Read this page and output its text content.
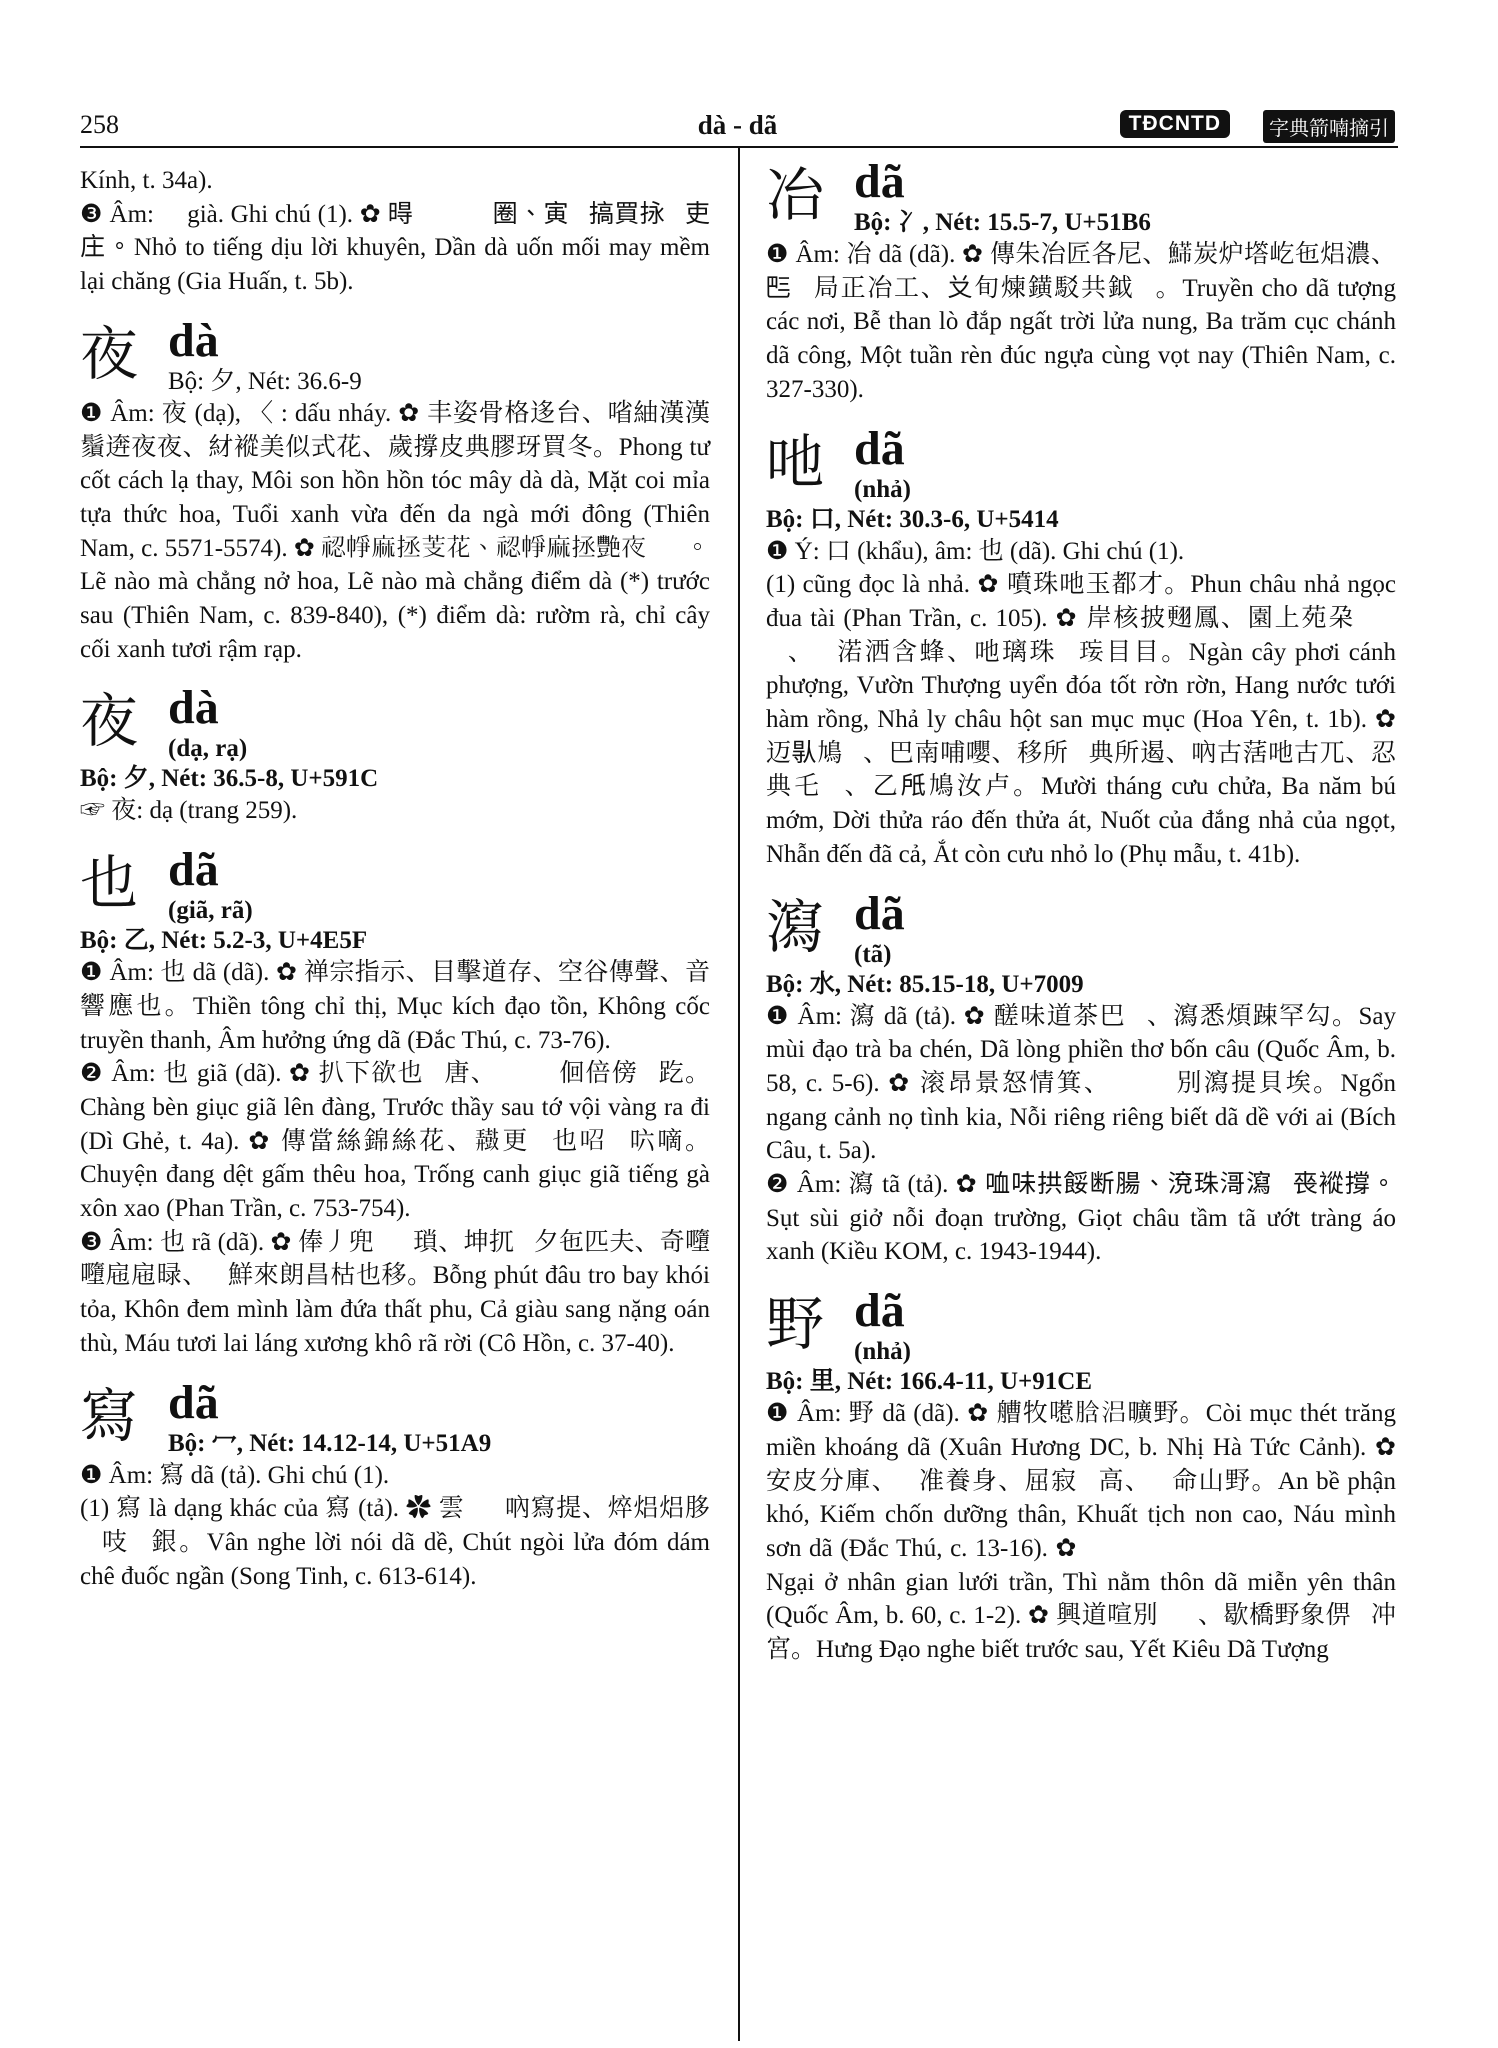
258	dà - dã	TĐCNTD	字典箭喃摘引

Kính, t. 34a).

❸ Âm: 𦹳 già. Ghi chú (1). ✿ 𣈜𦹳𠰉𪀄𠿃圈、寅𦹳搞買𢫕𧞾吏庄。Nhỏ to tiếng dịu lời khuyên, Dần dà uốn mối may mềm lại chăng (Gia Huấn, t. 5b).

夜 dà
Bộ: 夕, Nét: 36.6-9

❶ Âm: 夜 (dạ), 〈 : dấu nháy. ✿ 丰姿骨格迻台、㗂紬漢漢鬚逩夜夜、䊷䙕美似式花、歲撐皮典膠玡買冬。Phong tư cốt cách lạ thay, Môi son hồn hồn tóc mây dà dà, Mặt coi mỉa tựa thức hoa, Tuổi xanh vừa đến da ngà mới đông (Thiên Nam, c. 5571-5574). ✿ 𥚆𢂰麻拯芰花、𥚆𢂰麻拯艷夜𨍦𨍦。Lẽ nào mà chẳng nở hoa, Lẽ nào mà chẳng điểm dà (*) trước sau (Thiên Nam, c. 839-840), (*) điểm dà: rườm rà, chỉ cây cối xanh tươi rậm rạp.

夜 dà
(dạ, rạ)
Bộ: 夕, Nét: 36.5-8, U+591C

☞ 夜: dạ (trang 259).

也 dã
(giã, rã)
Bộ: 乙, Nét: 5.2-3, U+4E5F

❶ Âm: 也 dã (dã). ✿ 禅宗指示、目擊道存、空谷傳聲、音響應也。Thiền tông chỉ thị, Mục kích đạo tồn, Không cốc truyền thanh, Âm hưởng ứng dã (Đắc Thú, c. 73-76).

❷ Âm: 也 giã (dã). ✿ 扒下欲也𨁪唐、𨅹𠊚𨄹佪倍傍𡗶趷。Chàng bèn giục giã lên đàng, Trước thầy sau tớ vội vàng ra đi (Dì Ghẻ, t. 4a). ✿ 傳當絲錦絲花、𪔠更𠯇也𠰉𪂮𠯿嘀。Chuyện đang dệt gấm thêu hoa, Trống canh giục giã tiếng gà xôn xao (Phan Trần, c. 753-754).

❸ Âm: 也 rã (dã). ✿ 俸丿兜𢫝𢫝瑣、坤扤𨉟夕㐌匹夫、奇𡃏𡃏㦾㦾㫽、𦧘鮮來朗昌枯也移。Bỗng phút đâu tro bay khói tỏa, Khôn đem mình làm đứa thất phu, Cả giàu sang nặng oán thù, Máu tươi lai láng xương khô rã rời (Cô Hồn, c. 37-40).

寫 dã
Bộ: 冖, Nét: 14.12-14, U+51A9

❶ Âm: 寫 dã (tả). Ghi chú (1).

(1) 寫 là dạng khác của 寫 (tả). ✿ 雲𥉩𠳨吶寫提、焠焒焒䏧𣈙吱𢔭銀。Vân nghe lời nói dã dề, Chút ngòi lửa đóm dám chê đuốc ngần (Song Tinh, c. 613-614).

冶 dã
Bộ: 冫, Nét: 15.5-7, U+51B6

❶ Âm: 冶 dã (dã). ✿ 傳朱冶匠各尼、𩹩炭炉㙮屹㐌焒濃、𠀧𡤔局正冶工、𠬠旬煉鐄駁共鉞𠶢。Truyền cho dã tượng các nơi, Bễ than lò đắp ngất trời lửa nung, Ba trăm cục chánh dã công, Một tuần rèn đúc ngựa cùng vọt nay (Thiên Nam, c. 327-330).

吔 dã
(nhả)
Bộ: 口, Nét: 30.3-6, U+5414

❶ Ý: 口 (khẩu), âm: 也 (dã). Ghi chú (1).

(1) cũng đọc là nhả. ✿ 噴珠吔玉都才。Phun châu nhả ngọc đua tài (Phan Trần, c. 105). ✿ 岸核披𦑃鳳、園上苑朶𡑝𨁬𨁬、𡶀渃洒含蜂、吔璃珠𦁂𤥑目目。Ngàn cây phơi cánh phượng, Vườn Thượng uyển đóa tốt rờn rờn, Hang nước tưới hàm rồng, Nhả ly châu hột san mục mục (Hoa Yên, t. 1b). ✿ 迈𠊛鳩𦛋、巴南哺嚶、移所𤈞典所遏、吶古萿吔古兀、忍典乇𦟐、乙𣱆鳩汝卢。Mười tháng cưu chửa, Ba năm bú mớm, Dời thửa ráo đến thửa át, Nuốt của đắng nhả của ngọt, Nhẫn đến đã cả, Ắt còn cưu nhỏ lo (Phụ mẫu, t. 41b).

瀉 dã
(tã)
Bộ: 水, Nét: 85.15-18, U+7009

❶ Âm: 瀉 dã (tả). ✿ 醝味道茶巴𧡊、瀉悉煩踈罕勾。Say mùi đạo trà ba chén, Dã lòng phiền thơ bốn câu (Quốc Âm, b. 58, c. 5-6). ✿ 滚昂景怒情箕、𣷷𥢅𥢅別瀉提貝埃。Ngổn ngang cảnh nọ tình kia, Nỗi riêng riêng biết dã dề với ai (Bích Câu, t. 5a).

❷ Âm: 瀉 tã (tả). ✿ 𠲣味拱餒断腸、渷珠滒瀉𣾶䘮䙕撐。Sụt sùi giở nỗi đoạn trường, Giọt châu tầm tã ướt tràng áo xanh (Kiều KOM, c. 1943-1944).

野 dã
(nhả)
Bộ: 里, Nét: 166.4-11, U+91CE

❶ Âm: 野 dã (dã). ✿ 艚牧㘃𦛜𣳮曠野。Còi mục thét trăng miền khoáng dã (Xuân Hương DC, b. Nhị Hà Tức Cảnh). ✿ 安皮分庫、𠛌准養身、屈寂𡛔高、𦬑命山野。An bề phận khó, Kiếm chốn dưỡng thân, Khuất tịch non cao, Náu mình sơn dã (Đắc Thú, c. 13-16). ✿ 𥒥於人間纏塵、𦣰𠱤村野免安身。Ngại ở nhân gian lưới trần, Thì nằm thôn dã miễn yên thân (Quốc Âm, b. 60, c. 1-2). ✿ 興道喧別𨍦𨍦、歇橋野象㑭𠫾冲宮。Hưng Đạo nghe biết trước sau, Yết Kiêu Dã Tượng
